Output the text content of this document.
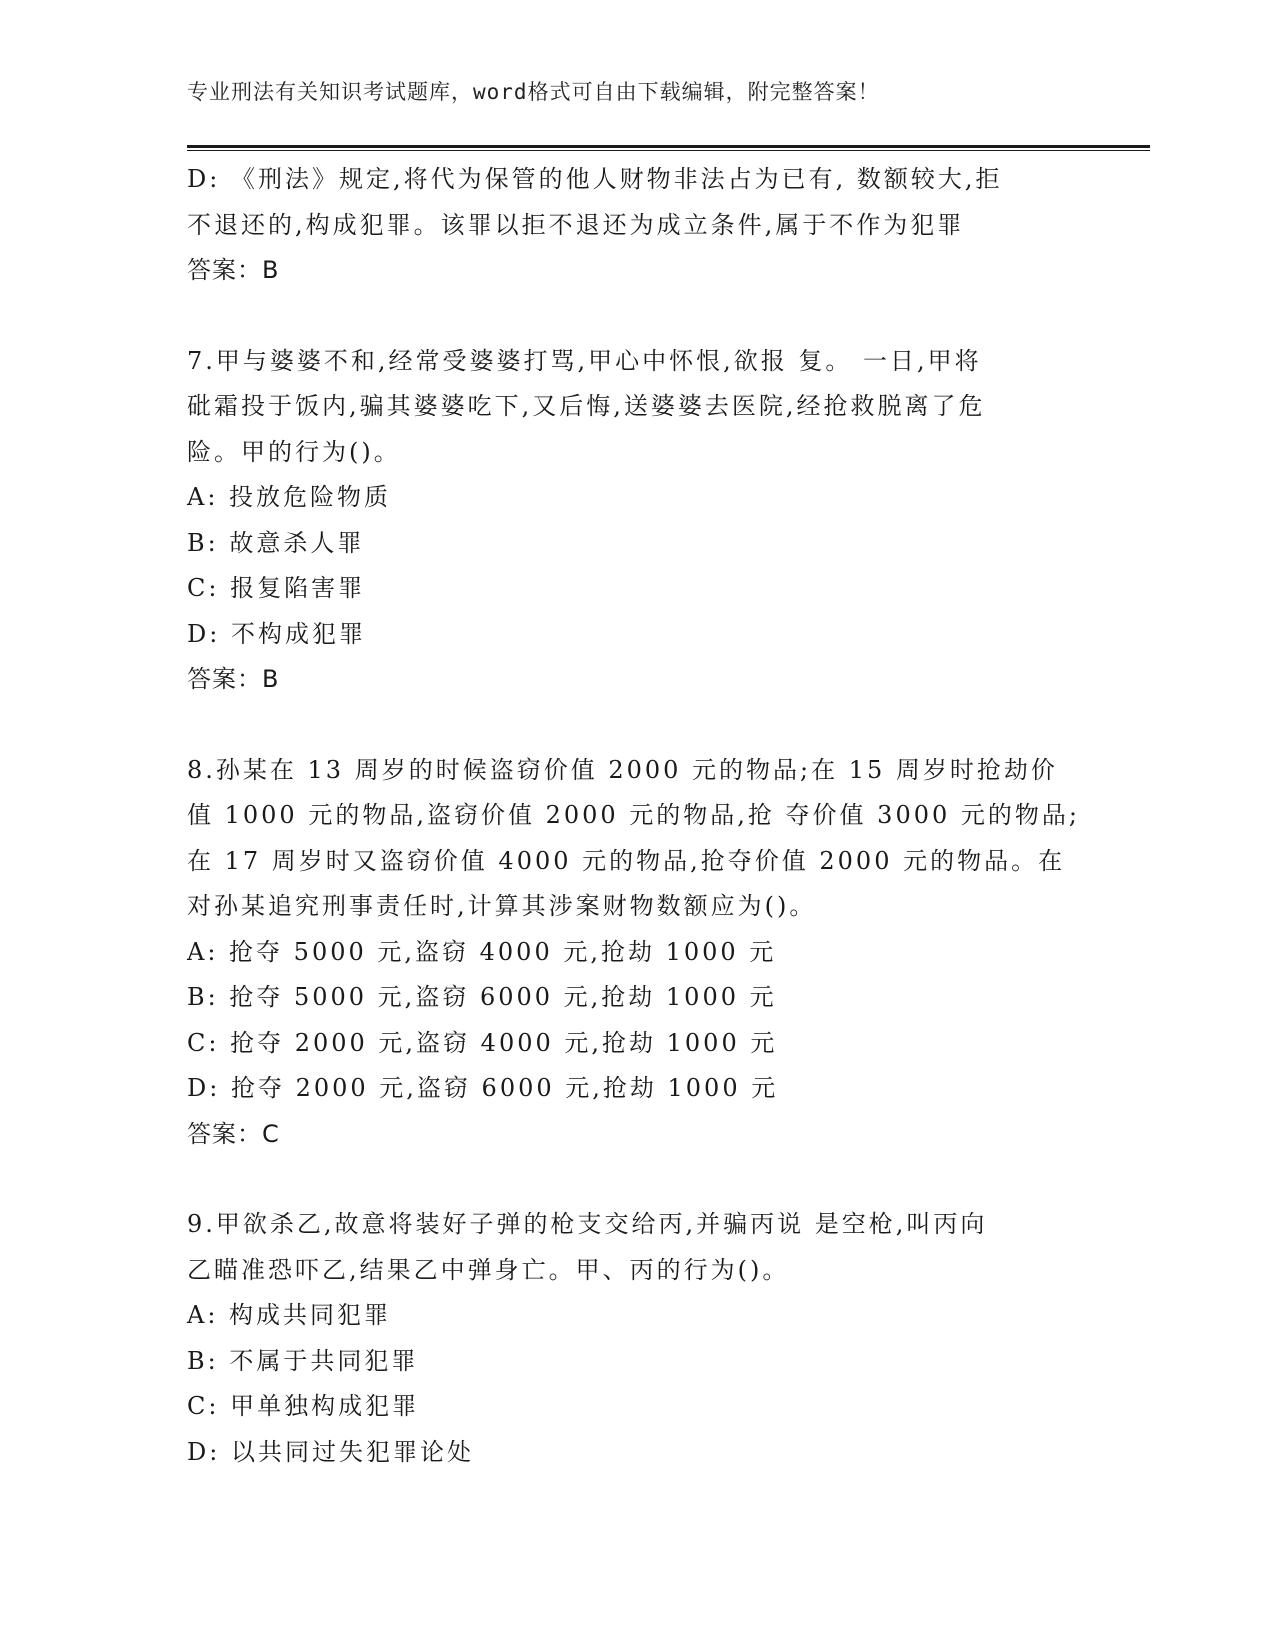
专业刑法有关知识考试题库，word格式可自由下载编辑，附完整答案！
D: 《刑法》规定,将代为保管的他人财物非法占为已有, 数额较大,拒
不退还的,构成犯罪。该罪以拒不退还为成立条件,属于不作为犯罪
答案：B
7.甲与婆婆不和,经常受婆婆打骂,甲心中怀恨,欲报 复。 一日,甲将
砒霜投于饭内,骗其婆婆吃下,又后悔,送婆婆去医院,经抢救脱离了危
险。甲的行为()。
A: 投放危险物质
B: 故意杀人罪
C: 报复陷害罪
D: 不构成犯罪
答案：B
8.孙某在 13 周岁的时候盗窃价值 2000 元的物品;在 15 周岁时抢劫价
值 1000 元的物品,盗窃价值 2000 元的物品,抢 夺价值 3000 元的物品;
在 17 周岁时又盗窃价值 4000 元的物品,抢夺价值 2000 元的物品。在
对孙某追究刑事责任时,计算其涉案财物数额应为()。
A: 抢夺 5000 元,盗窃 4000 元,抢劫 1000 元
B: 抢夺 5000 元,盗窃 6000 元,抢劫 1000 元
C: 抢夺 2000 元,盗窃 4000 元,抢劫 1000 元
D: 抢夺 2000 元,盗窃 6000 元,抢劫 1000 元
答案：C
9.甲欲杀乙,故意将装好子弹的枪支交给丙,并骗丙说 是空枪,叫丙向
乙瞄准恐吓乙,结果乙中弹身亡。甲、丙的行为()。
A: 构成共同犯罪
B: 不属于共同犯罪
C: 甲单独构成犯罪
D: 以共同过失犯罪论处
